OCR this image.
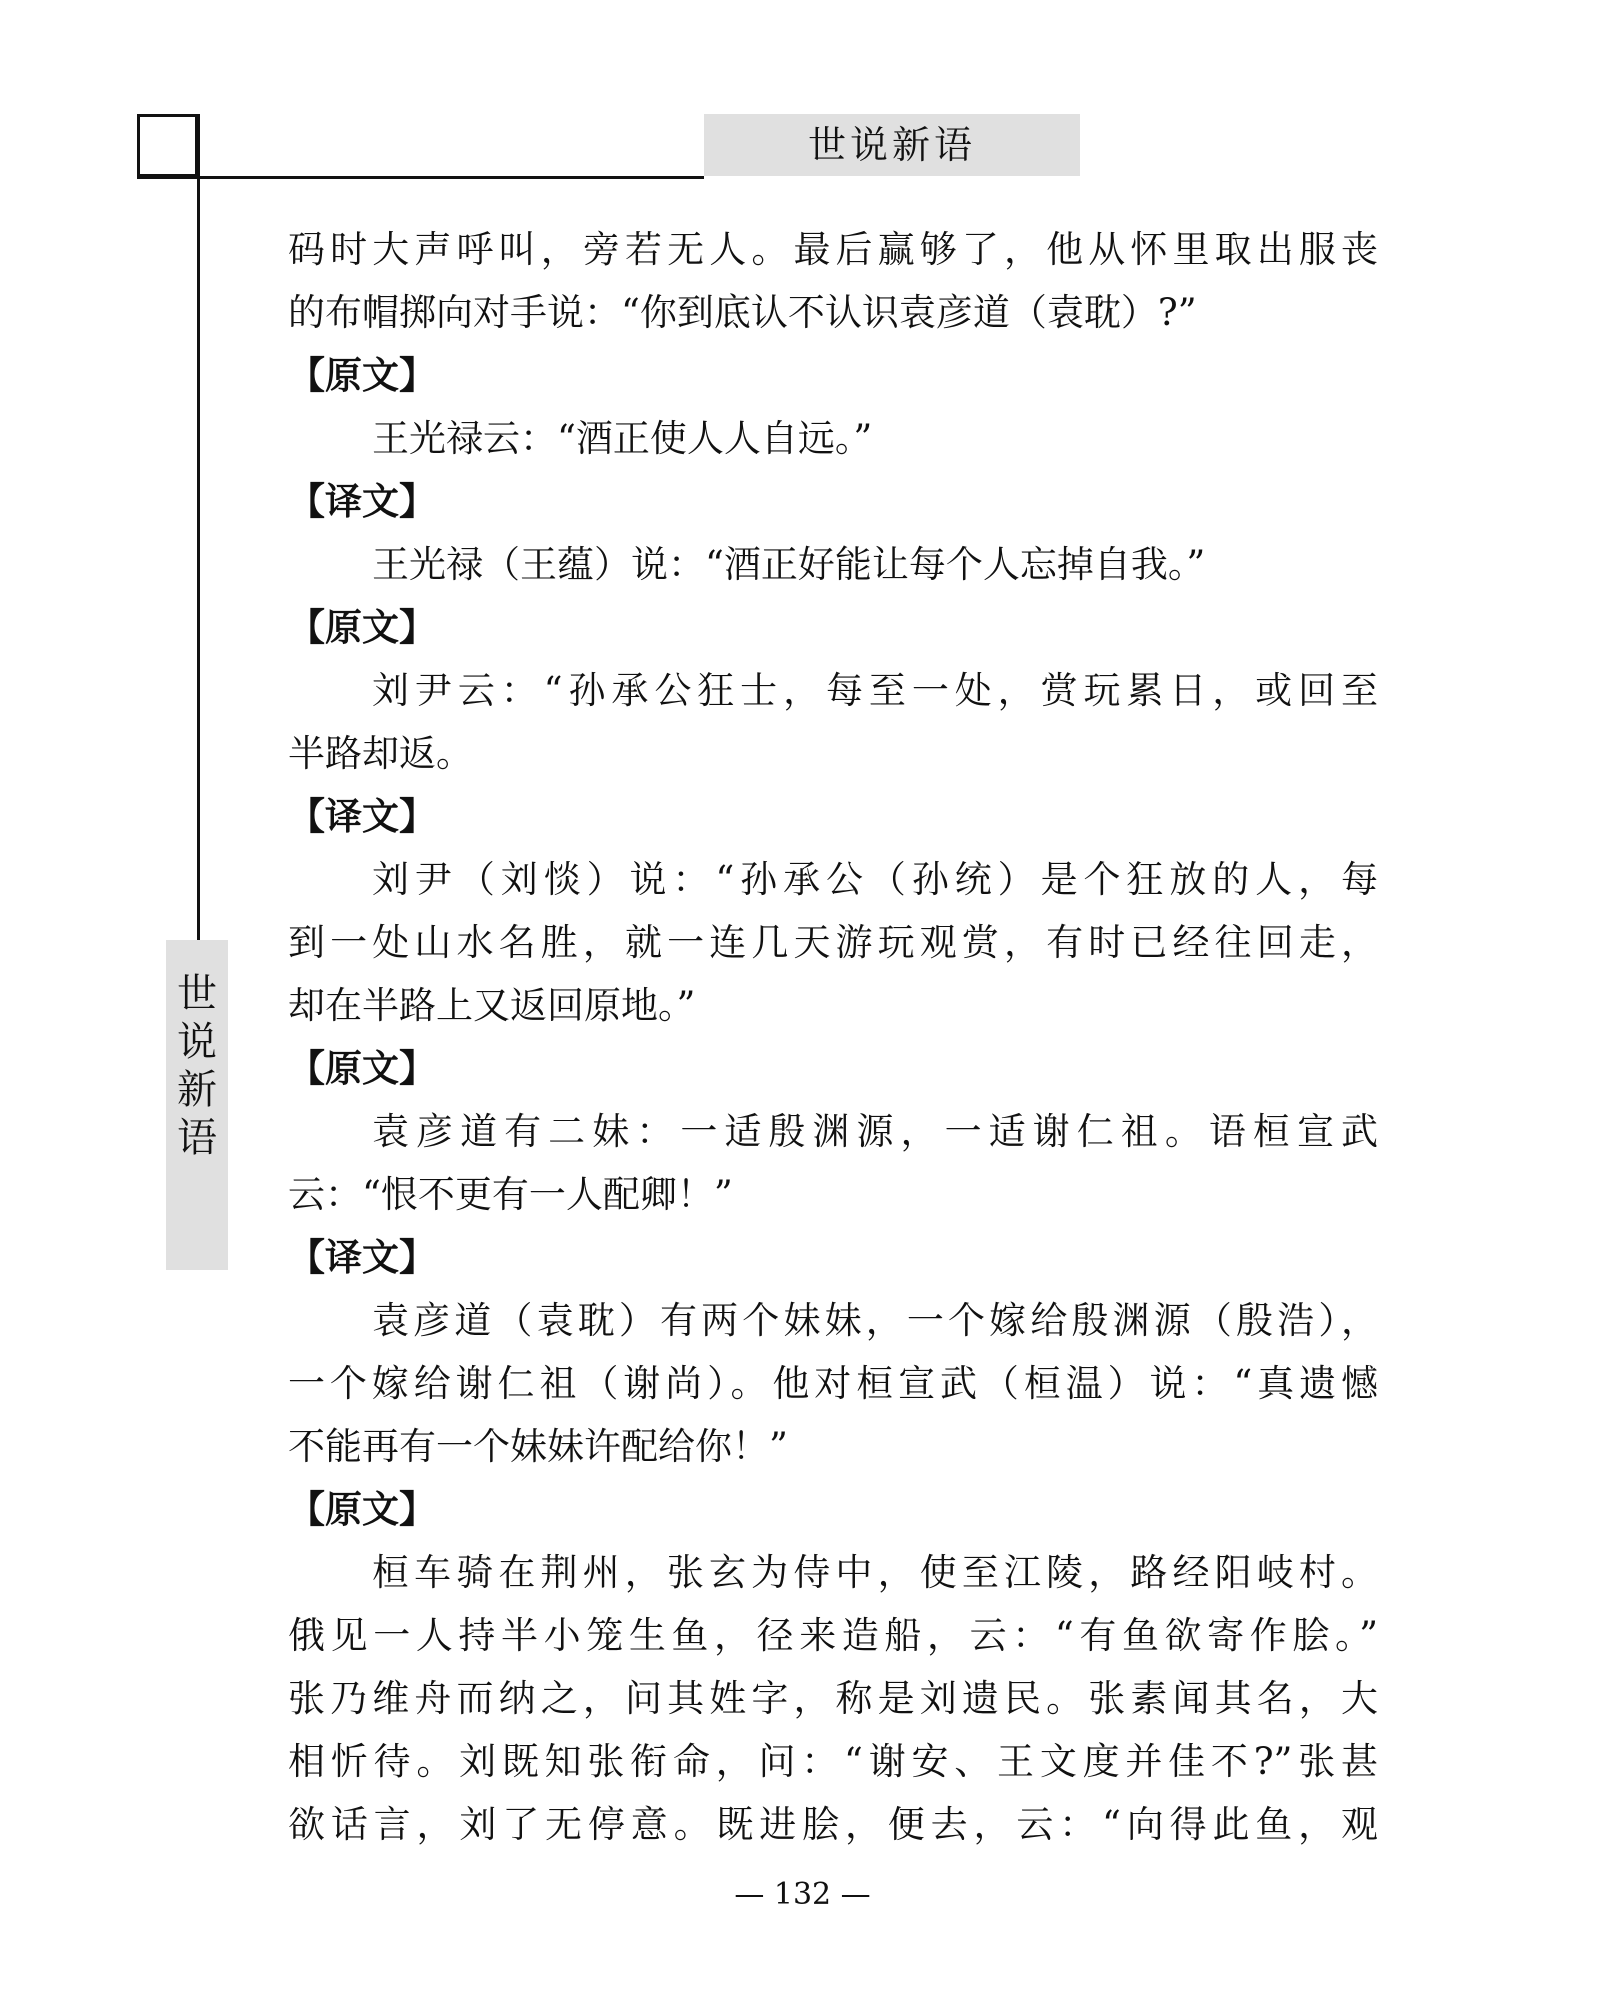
世说新语
世
说
新
语
码时大声呼叫，旁若无人。最后赢够了，他从怀里取出服丧
的布帽掷向对手说：“你到底认不认识袁彦道（袁耽）?”
【原文】
王光禄云：“酒正使人人自远。”
【译文】
王光禄（王蕴）说：“酒正好能让每个人忘掉自我。”
【原文】
刘尹云：“孙承公狂士，每至一处，赏玩累日，或回至
半路却返。
【译文】
刘尹（刘惔）说：“孙承公（孙统）是个狂放的人，每
到一处山水名胜，就一连几天游玩观赏，有时已经往回走，
却在半路上又返回原地。”
【原文】
袁彦道有二妹：一适殷渊源，一适谢仁祖。语桓宣武
云：“恨不更有一人配卿！”
【译文】
袁彦道（袁耽）有两个妹妹，一个嫁给殷渊源（殷浩），
一个嫁给谢仁祖（谢尚）。他对桓宣武（桓温）说：“真遗憾
不能再有一个妹妹许配给你！”
【原文】
桓车骑在荆州，张玄为侍中，使至江陵，路经阳岐村。
俄见一人持半小笼生鱼，径来造船，云：“有鱼欲寄作脍。”
张乃维舟而纳之，问其姓字，称是刘遗民。张素闻其名，大
相忻待。刘既知张衔命，问：“谢安、王文度并佳不?”张甚
欲话言，刘了无停意。既进脍，便去，云：“向得此鱼，观
— 132 —
